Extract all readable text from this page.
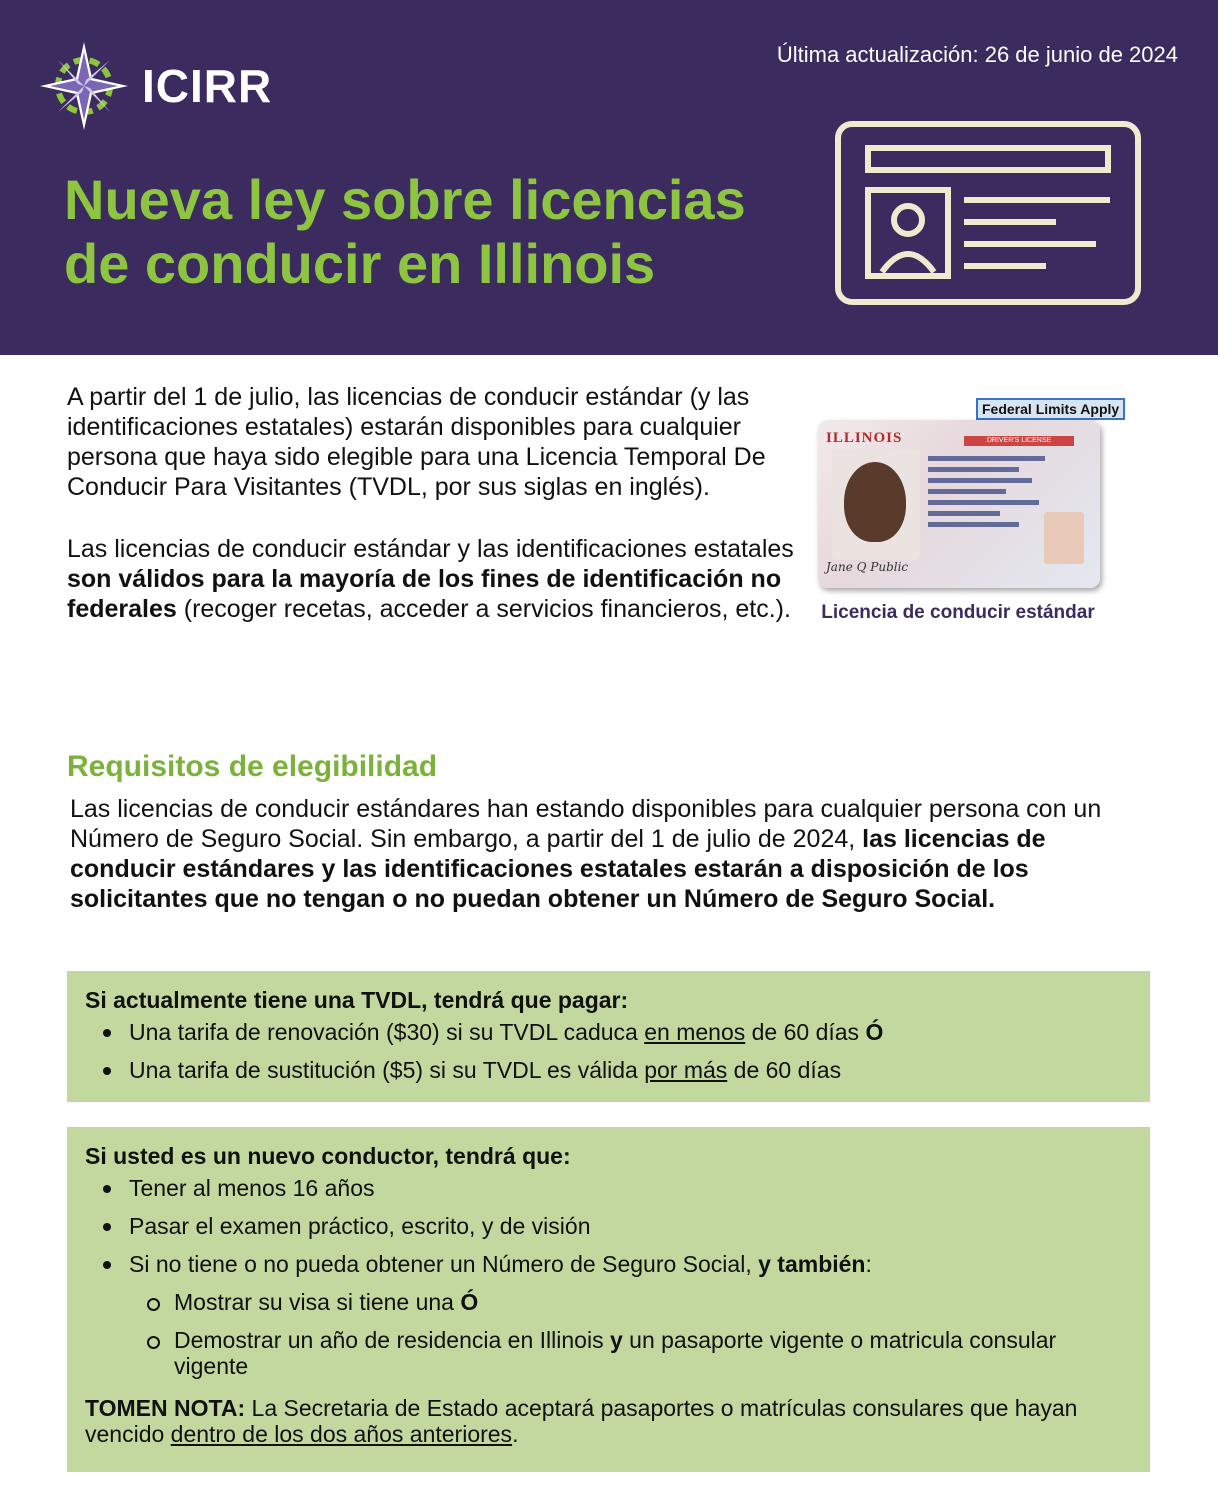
ICIRR
Última actualización: 26 de junio de 2024
Nueva ley sobre licencias de conducir en Illinois

A partir del 1 de julio, las licencias de conducir estándar (y las identificaciones estatales) estarán disponibles para cualquier persona que haya sido elegible para una Licencia Temporal De Conducir Para Visitantes (TVDL, por sus siglas en inglés).

Las licencias de conducir estándar y las identificaciones estatales son válidos para la mayoría de los fines de identificación no federales (recoger recetas, acceder a servicios financieros, etc.).

Federal Limits Apply
ILLINOIS	DRIVER'S LICENSE
Jane Q Public
Licencia de conducir estándar
Requisitos de elegibilidad
Las licencias de conducir estándares han estando disponibles para cualquier persona con un Número de Seguro Social. Sin embargo, a partir del 1 de julio de 2024, las licencias de conducir estándares y las identificaciones estatales estarán a disposición de los solicitantes que no tengan o no puedan obtener un Número de Seguro Social.
Si actualmente tiene una TVDL, tendrá que pagar:
Una tarifa de renovación ($30) si su TVDL caduca en menos de 60 días Ó
Una tarifa de sustitución ($5) si su TVDL es válida por más de 60 días
Si usted es un nuevo conductor, tendrá que:
Tener al menos 16 años
Pasar el examen práctico, escrito, y de visión
Si no tiene o no pueda obtener un Número de Seguro Social, y también:
Mostrar su visa si tiene una Ó
Demostrar un año de residencia en Illinois y un pasaporte vigente o matricula consular vigente
TOMEN NOTA: La Secretaria de Estado aceptará pasaportes o matrículas consulares que hayan vencido dentro de los dos años anteriores.
